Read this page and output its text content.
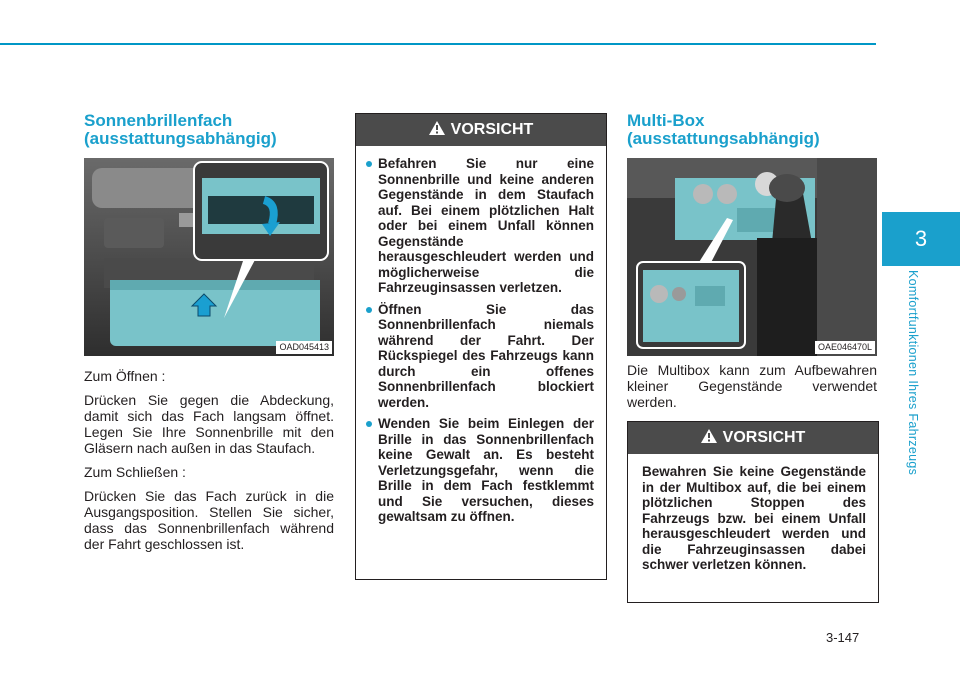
3
Komfortfunktionen Ihres Fahrzeugs
Sonnenbrillenfach
(ausstattungsabhängig)
OAD045413

Zum Öffnen :

Drücken Sie gegen die Abdeckung, damit sich das Fach langsam öffnet. Legen Sie Ihre Sonnenbrille mit den Gläsern nach außen in das Staufach.

Zum Schließen :

Drücken Sie das Fach zurück in die Ausgangsposition. Stellen Sie sicher, dass das Sonnenbrillenfach während der Fahrt geschlossen ist.

VORSICHT
Befahren Sie nur eine Sonnenbrille und keine anderen Gegenstände in dem Staufach auf. Bei einem plötzlichen Halt oder bei einem Unfall können Gegenstände herausgeschleudert werden und möglicherweise die Fahrzeuginsassen verletzen.
Öffnen Sie das Sonnenbrillenfach niemals während der Fahrt. Der Rückspiegel des Fahrzeugs kann durch ein offenes Sonnenbrillenfach blockiert werden.
Wenden Sie beim Einlegen der Brille in das Sonnenbrillenfach keine Gewalt an. Es besteht Verletzungsgefahr, wenn die Brille in dem Fach festklemmt und Sie versuchen, dieses gewaltsam zu öffnen.
Multi-Box
(ausstattungsabhängig)
OAE046470L

Die Multibox kann zum Aufbewahren kleiner Gegenstände verwendet werden.

VORSICHT

Bewahren Sie keine Gegenstände in der Multibox auf, die bei einem plötzlichen Stoppen des Fahrzeugs bzw. bei einem Unfall herausgeschleudert werden und die Fahrzeuginsassen dabei schwer verletzen können.

3-147
